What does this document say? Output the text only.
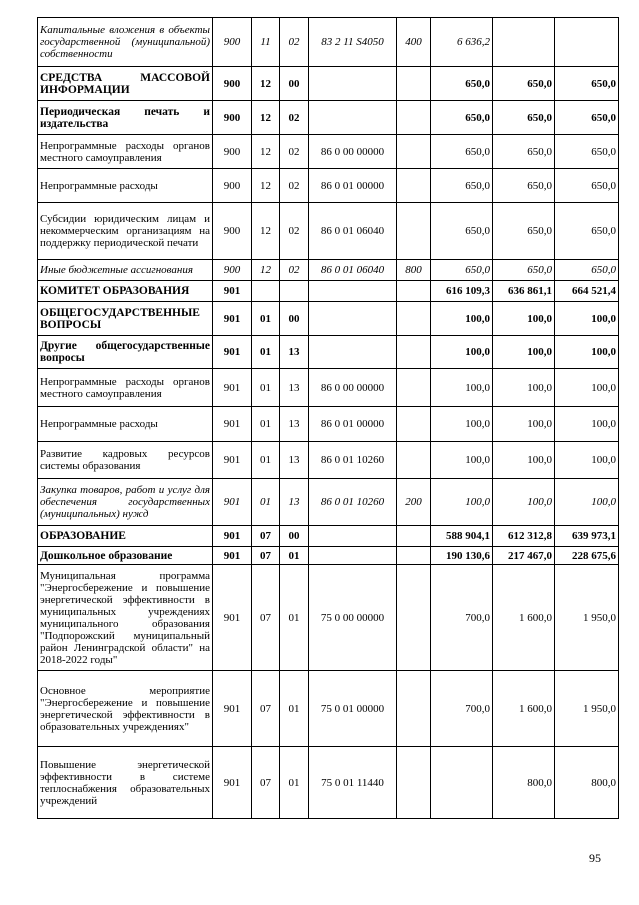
Капитальные вложения в объекты государственной (муниципальной) собственности	900	11	02	83 2 11 S4050	400	6 636,2		
СРЕДСТВА МАССОВОЙ ИНФОРМАЦИИ	900	12	00			650,0	650,0	650,0
Периодическая печать и издательства	900	12	02			650,0	650,0	650,0
Непрограммные расходы органов местного самоуправления	900	12	02	86 0 00 00000		650,0	650,0	650,0
Непрограммные расходы	900	12	02	86 0 01 00000		650,0	650,0	650,0
Субсидии юридическим лицам и некоммерческим организациям на поддержку периодической печати	900	12	02	86 0 01 06040		650,0	650,0	650,0
Иные бюджетные ассигнования	900	12	02	86 0 01 06040	800	650,0	650,0	650,0
КОМИТЕТ ОБРАЗОВАНИЯ	901					616 109,3	636 861,1	664 521,4
ОБЩЕГОСУДАРСТВЕННЫЕ ВОПРОСЫ	901	01	00			100,0	100,0	100,0
Другие общегосударственные вопросы	901	01	13			100,0	100,0	100,0
Непрограммные расходы органов местного самоуправления	901	01	13	86 0 00 00000		100,0	100,0	100,0
Непрограммные расходы	901	01	13	86 0 01 00000		100,0	100,0	100,0
Развитие кадровых ресурсов системы образования	901	01	13	86 0 01 10260		100,0	100,0	100,0
Закупка товаров, работ и услуг для обеспечения государственных (муниципальных) нужд	901	01	13	86 0 01 10260	200	100,0	100,0	100,0
ОБРАЗОВАНИЕ	901	07	00			588 904,1	612 312,8	639 973,1
Дошкольное образование	901	07	01			190 130,6	217 467,0	228 675,6
Муниципальная программа "Энергосбережение и повышение энергетической эффективности в муниципальных учреждениях муниципального образования "Подпорожский муниципальный район Ленинградской области" на 2018-2022 годы"	901	07	01	75 0 00 00000		700,0	1 600,0	1 950,0
Основное мероприятие "Энергосбережение и повышение энергетической эффективности в образовательных учреждениях"	901	07	01	75 0 01 00000		700,0	1 600,0	1 950,0
Повышение энергетической эффективности в системе теплоснабжения образовательных учреждений	901	07	01	75 0 01 11440			800,0	800,0
95
